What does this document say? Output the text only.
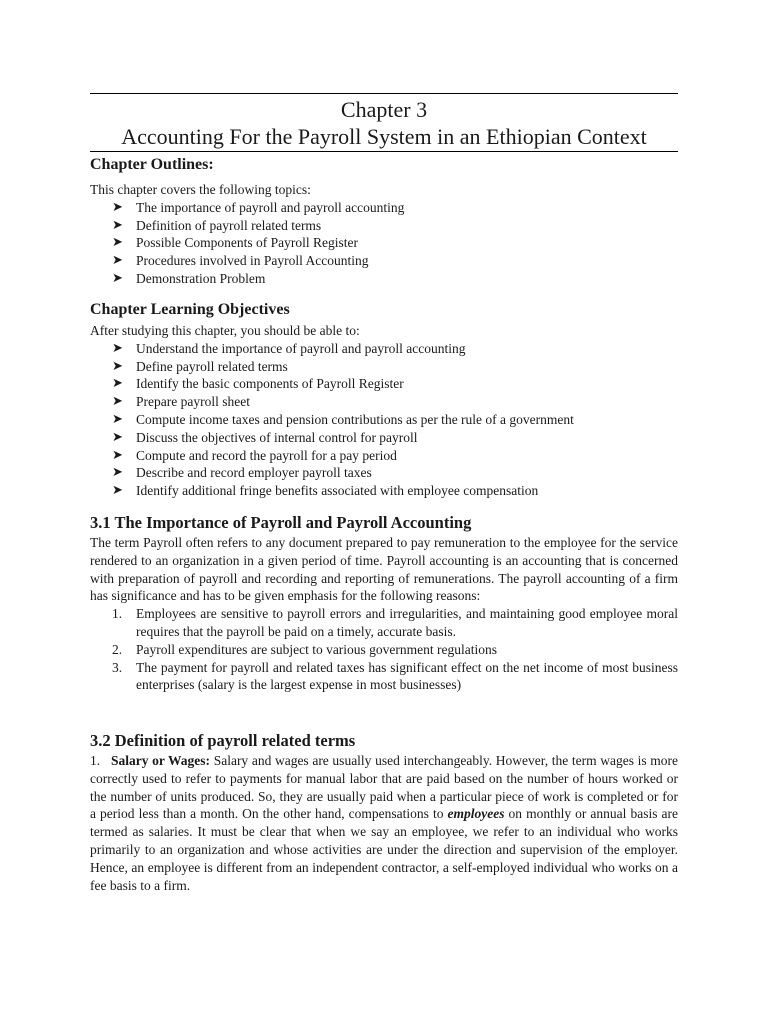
Chapter 3
Accounting For the Payroll System in an Ethiopian Context
Chapter Outlines:

This chapter covers the following topics:

➤ The importance of payroll and payroll accounting
➤ Definition of payroll related terms
➤ Possible Components of Payroll Register
➤ Procedures involved in Payroll Accounting
➤ Demonstration Problem
Chapter Learning Objectives

After studying this chapter, you should be able to:

➤ Understand the importance of payroll and payroll accounting
➤ Define payroll related terms
➤ Identify the basic components of Payroll Register
➤ Prepare payroll sheet
➤ Compute income taxes and pension contributions as per the rule of a government
➤ Discuss the objectives of internal control for payroll
➤ Compute and record the payroll for a pay period
➤ Describe and record employer payroll taxes
➤ Identify additional fringe benefits associated with employee compensation
3.1 The Importance of Payroll and Payroll Accounting

The term Payroll often refers to any document prepared to pay remuneration to the employee for the service rendered to an organization in a given period of time. Payroll accounting is an accounting that is concerned with preparation of payroll and recording and reporting of remunerations. The payroll accounting of a firm has significance and has to be given emphasis for the following reasons:

1. Employees are sensitive to payroll errors and irregularities, and maintaining good employee moral requires that the payroll be paid on a timely, accurate basis.
2. Payroll expenditures are subject to various government regulations
3. The payment for payroll and related taxes has significant effect on the net income of most business enterprises (salary is the largest expense in most businesses)
3.2 Definition of payroll related terms

1. Salary or Wages: Salary and wages are usually used interchangeably. However, the term wages is more correctly used to refer to payments for manual labor that are paid based on the number of hours worked or the number of units produced. So, they are usually paid when a particular piece of work is completed or for a period less than a month. On the other hand, compensations to employees on monthly or annual basis are termed as salaries. It must be clear that when we say an employee, we refer to an individual who works primarily to an organization and whose activities are under the direction and supervision of the employer. Hence, an employee is different from an independent contractor, a self-employed individual who works on a fee basis to a firm.
